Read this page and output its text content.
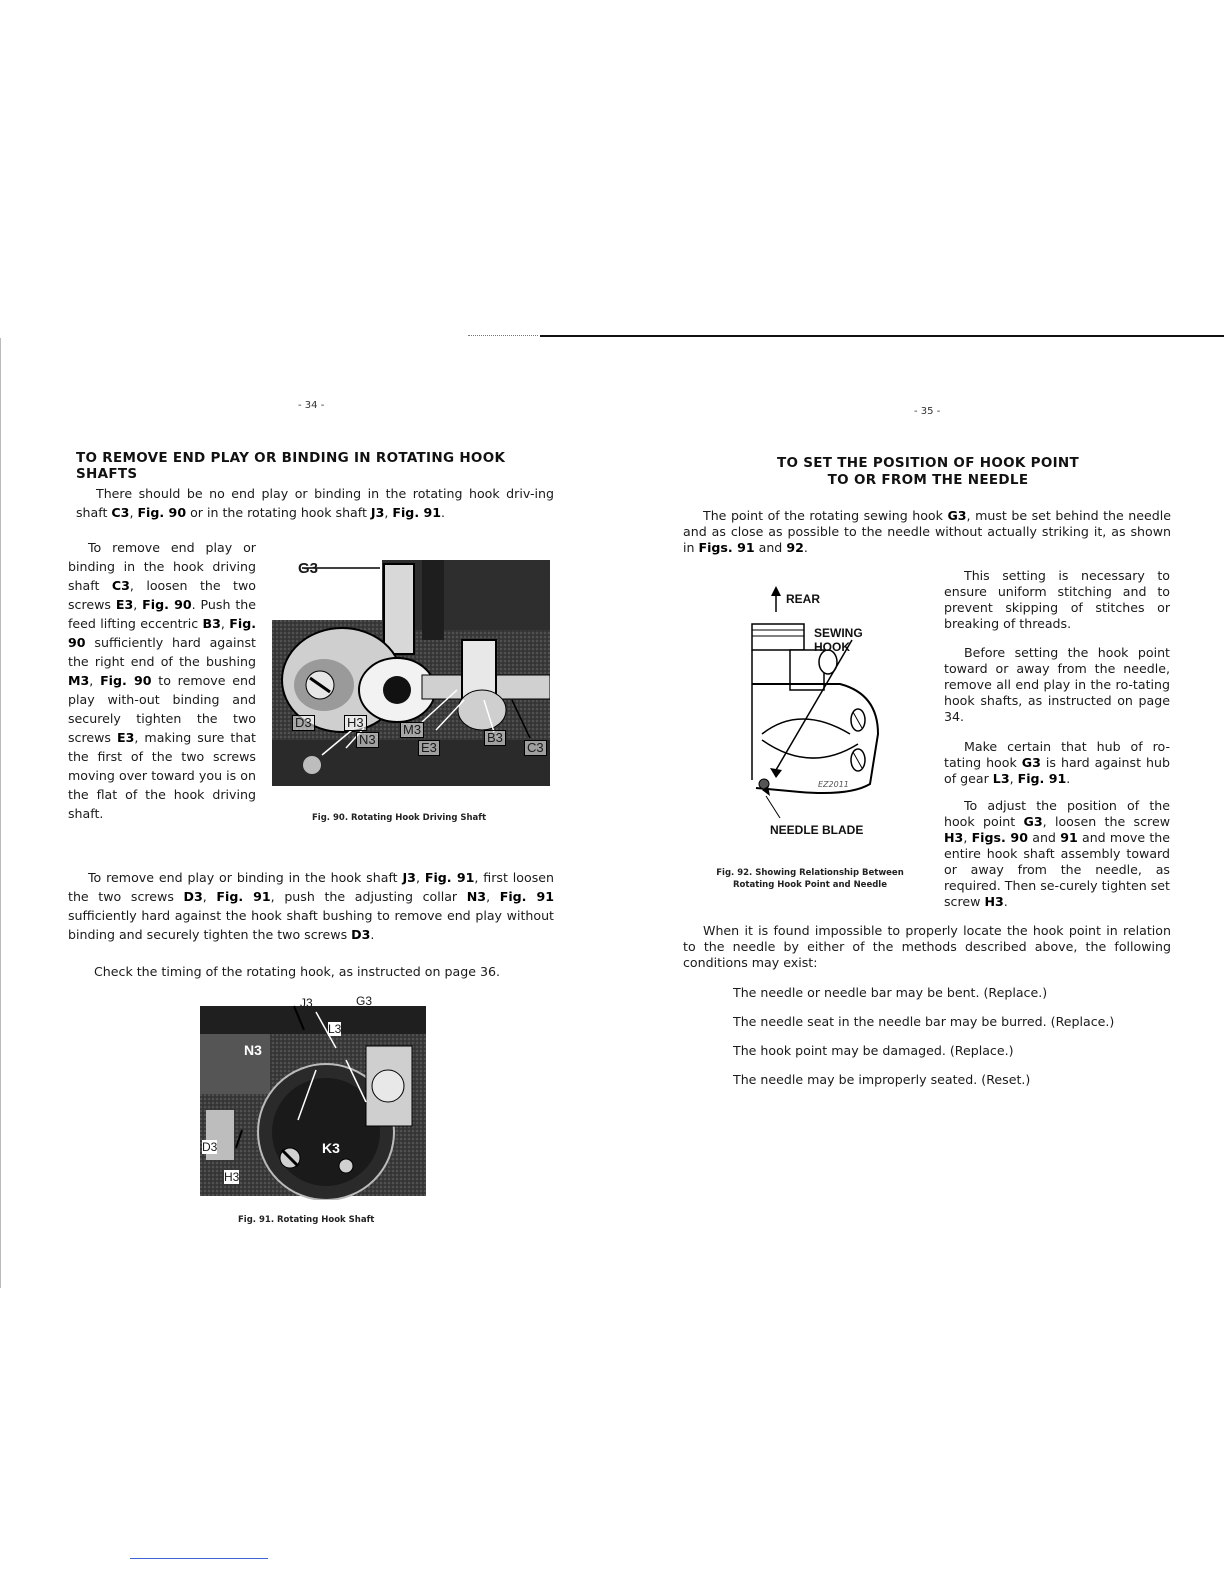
- 34 -
TO REMOVE END PLAY OR BINDING IN ROTATING HOOK SHAFTS

There should be no end play or binding in the rotating hook driv-ing shaft C3, Fig. 90 or in the rotating hook shaft J3, Fig. 91.

To remove end play or binding in the hook driving shaft C3, loosen the two screws E3, Fig. 90. Push the feed lifting eccentric B3, Fig. 90 sufficiently hard against the right end of the bushing M3, Fig. 90 to remove end play with-out binding and securely tighten the two screws E3, making sure that the first of the two screws moving over toward you is on the flat of the hook driving shaft.

G3
D3	H3
N3
M3
E3
B3
C3
Fig. 90. Rotating Hook Driving Shaft

To remove end play or binding in the hook shaft J3, Fig. 91, first loosen the two screws D3, Fig. 91, push the adjusting collar N3, Fig. 91 sufficiently hard against the hook shaft bushing to remove end play without binding and securely tighten the two screws D3.

Check the timing of the rotating hook, as instructed on page 36.

J3	G3
L3
N3
D3
H3
K3
Fig. 91. Rotating Hook Shaft
- 35 -
TO SET THE POSITION OF HOOK POINT
TO OR FROM THE NEEDLE

The point of the rotating sewing hook G3, must be set behind the needle and as close as possible to the needle without actually striking it, as shown in Figs. 91 and 92.

REAR
SEWING HOOK
EZ2011
NEEDLE BLADE
Fig. 92. Showing Relationship Between
Rotating Hook Point and Needle

This setting is necessary to ensure uniform stitching and to prevent skipping of stitches or breaking of threads.

Before setting the hook point toward or away from the needle, remove all end play in the ro-tating hook shafts, as instructed on page 34.

Make certain that hub of ro-tating hook G3 is hard against hub of gear L3, Fig. 91.

To adjust the position of the hook point G3, loosen the screw H3, Figs. 90 and 91 and move the entire hook shaft assembly toward or away from the needle, as required. Then se-curely tighten set screw H3.

When it is found impossible to properly locate the hook point in relation to the needle by either of the methods described above, the following conditions may exist:

The needle or needle bar may be bent. (Replace.)
The needle seat in the needle bar may be burred. (Replace.)
The hook point may be damaged. (Replace.)
The needle may be improperly seated. (Reset.)
